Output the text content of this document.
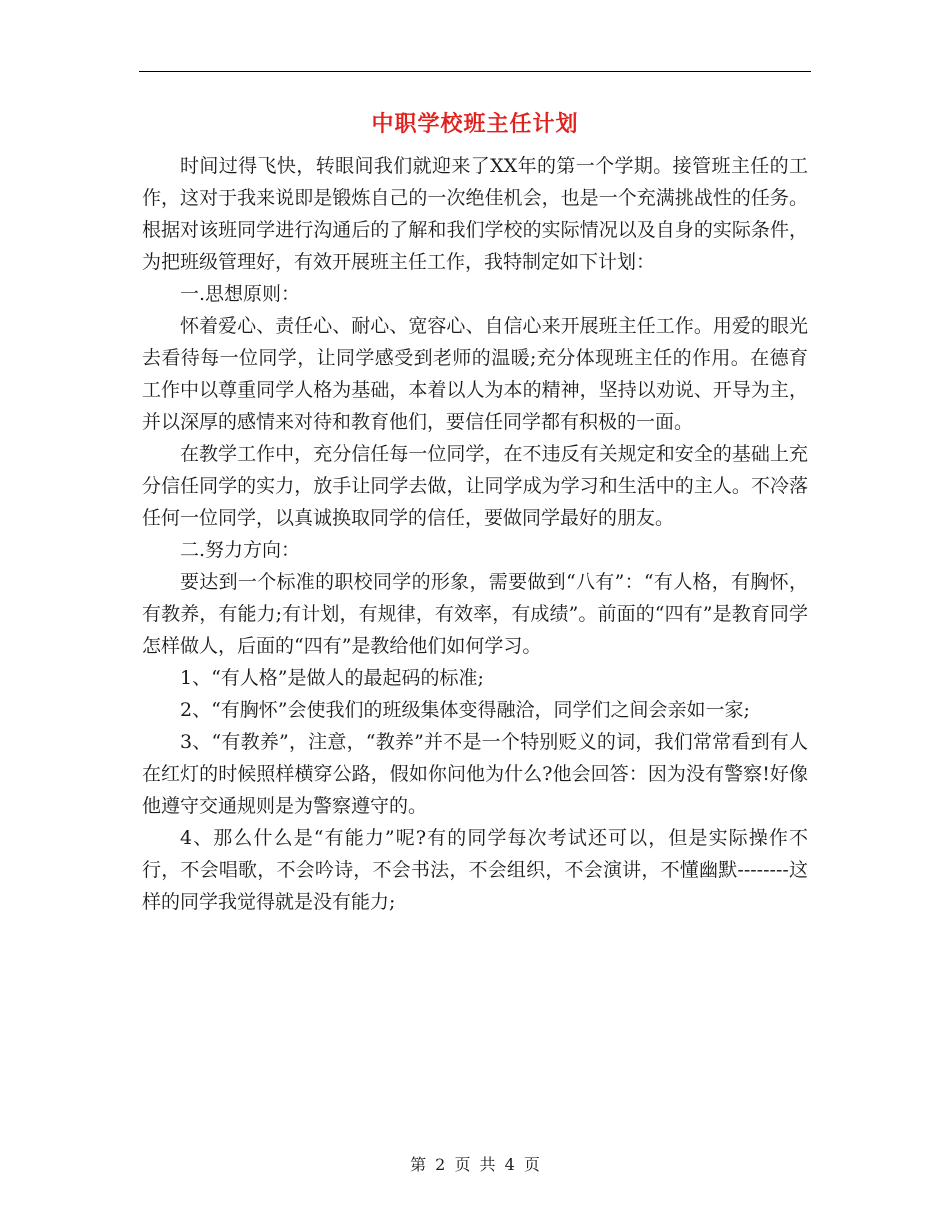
中职学校班主任计划

时间过得飞快，转眼间我们就迎来了XX年的第一个学期。接管班主任的工作，这对于我来说即是锻炼自己的一次绝佳机会，也是一个充满挑战性的任务。根据对该班同学进行沟通后的了解和我们学校的实际情况以及自身的实际条件，为把班级管理好，有效开展班主任工作，我特制定如下计划：

一.思想原则：

怀着爱心、责任心、耐心、宽容心、自信心来开展班主任工作。用爱的眼光去看待每一位同学，让同学感受到老师的温暖;充分体现班主任的作用。在德育工作中以尊重同学人格为基础，本着以人为本的精神，坚持以劝说、开导为主，并以深厚的感情来对待和教育他们，要信任同学都有积极的一面。

在教学工作中，充分信任每一位同学，在不违反有关规定和安全的基础上充分信任同学的实力，放手让同学去做，让同学成为学习和生活中的主人。不冷落任何一位同学，以真诚换取同学的信任，要做同学最好的朋友。

二.努力方向：

要达到一个标准的职校同学的形象，需要做到“八有”：“有人格，有胸怀，有教养，有能力;有计划，有规律，有效率，有成绩”。前面的“四有”是教育同学怎样做人，后面的“四有”是教给他们如何学习。

1、“有人格”是做人的最起码的标准;

2、“有胸怀”会使我们的班级集体变得融洽，同学们之间会亲如一家;

3、“有教养”，注意，“教养”并不是一个特别贬义的词，我们常常看到有人在红灯的时候照样横穿公路，假如你问他为什么?他会回答：因为没有警察!好像他遵守交通规则是为警察遵守的。

4、那么什么是“有能力”呢?有的同学每次考试还可以，但是实际操作不行，不会唱歌，不会吟诗，不会书法，不会组织，不会演讲，不懂幽默--------这样的同学我觉得就是没有能力;

第 2 页 共 4 页
